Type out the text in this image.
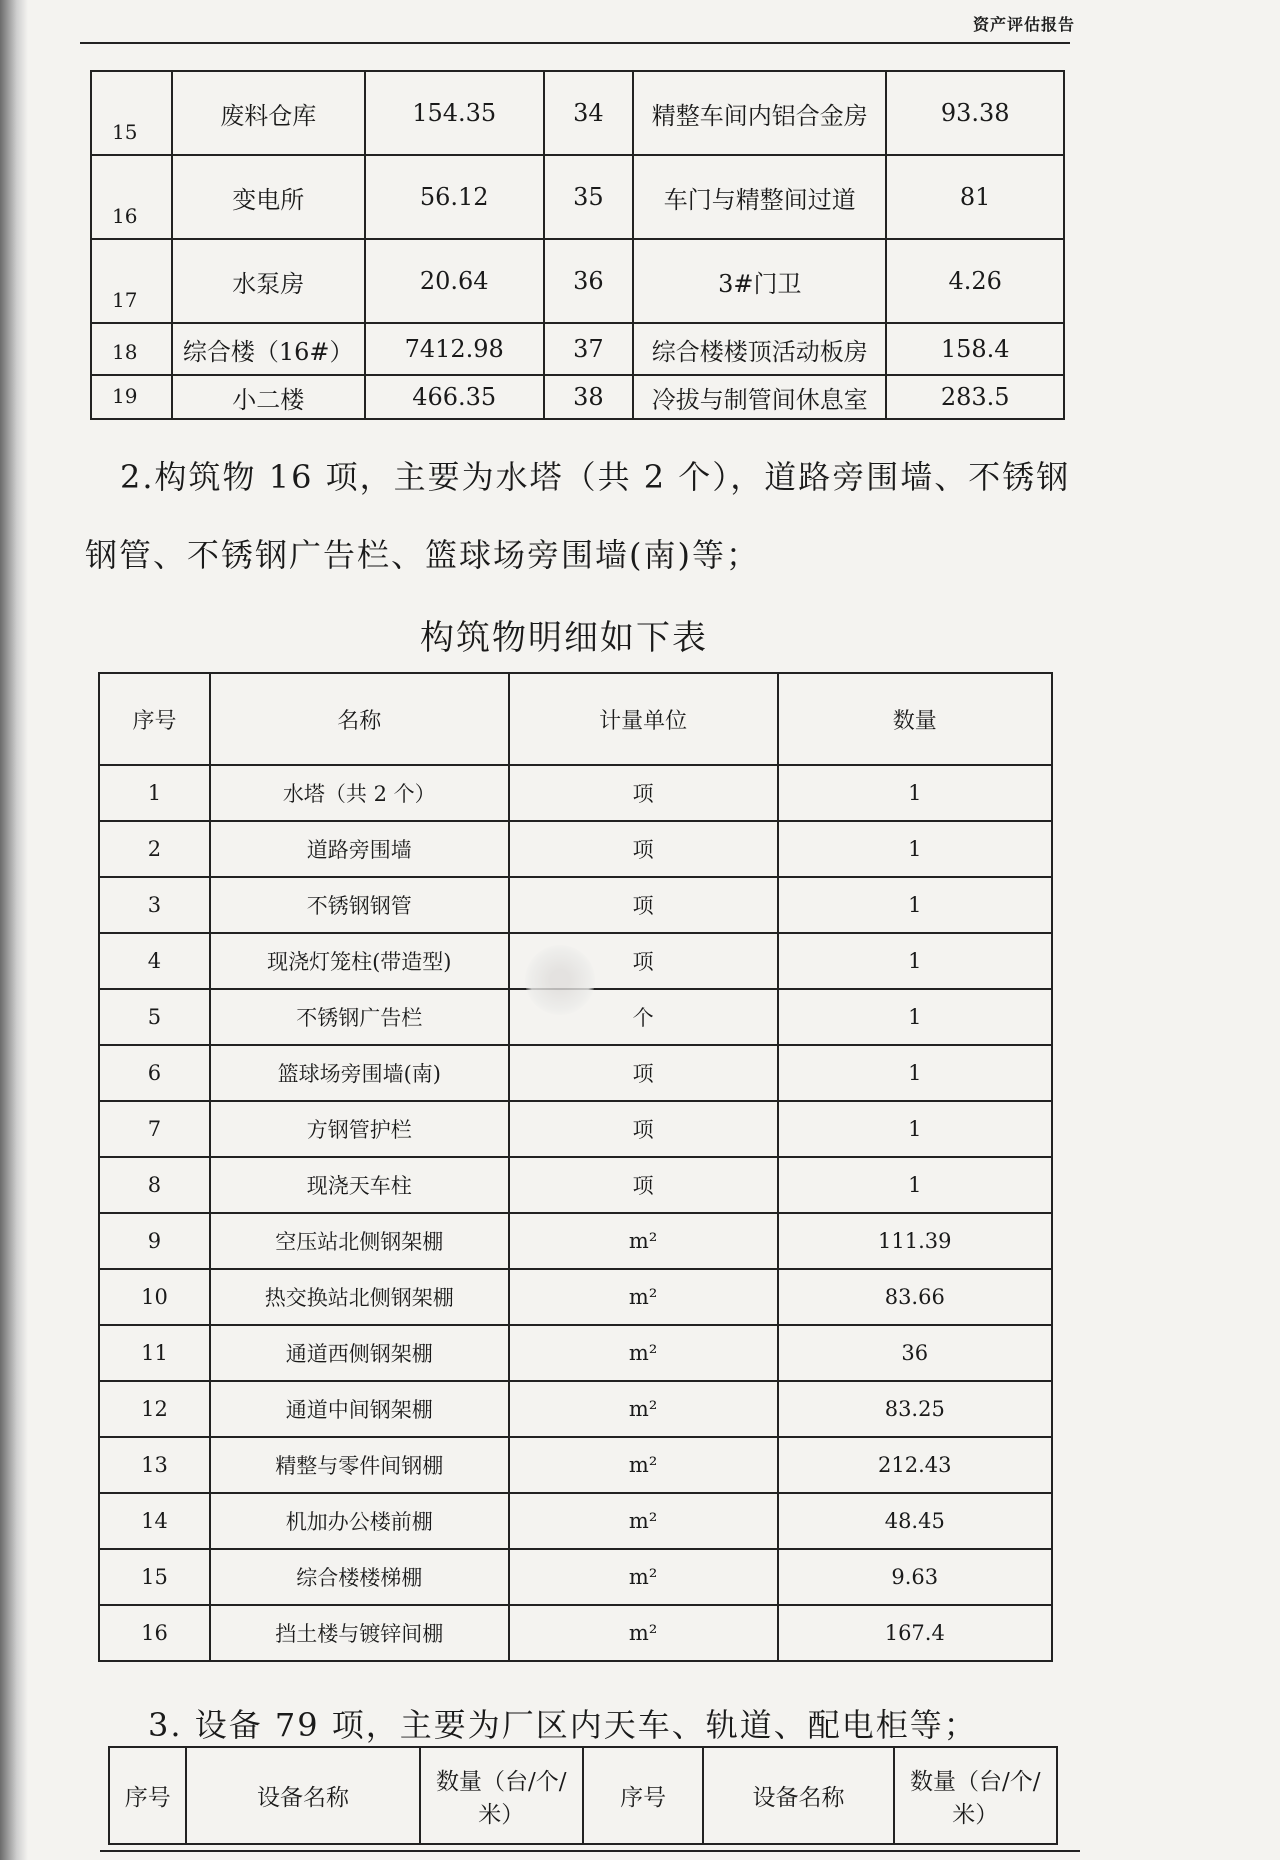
资产评估报告
15	废料仓库	154.35	34	精整车间内铝合金房	93.38
16	变电所	56.12	35	车门与精整间过道	81
17	水泵房	20.64	36	3#门卫	4.26
18	综合楼（16#）	7412.98	37	综合楼楼顶活动板房	158.4
19	小二楼	466.35	38	冷拔与制管间休息室	283.5
2.构筑物 16 项，主要为水塔（共 2 个），道路旁围墙、不锈钢
钢管、不锈钢广告栏、篮球场旁围墙(南)等；
构筑物明细如下表
序号	名称	计量单位	数量
1	水塔（共 2 个）	项	1
2	道路旁围墙	项	1
3	不锈钢钢管	项	1
4	现浇灯笼柱(带造型)	项	1
5	不锈钢广告栏	个	1
6	篮球场旁围墙(南)	项	1
7	方钢管护栏	项	1
8	现浇天车柱	项	1
9	空压站北侧钢架棚	m²	111.39
10	热交换站北侧钢架棚	m²	83.66
11	通道西侧钢架棚	m²	36
12	通道中间钢架棚	m²	83.25
13	精整与零件间钢棚	m²	212.43
14	机加办公楼前棚	m²	48.45
15	综合楼楼梯棚	m²	9.63
16	挡土楼与镀锌间棚	m²	167.4
3. 设备 79 项，主要为厂区内天车、轨道、配电柜等；
序号	设备名称	数量（台/个/米）	序号	设备名称	数量（台/个/米）
